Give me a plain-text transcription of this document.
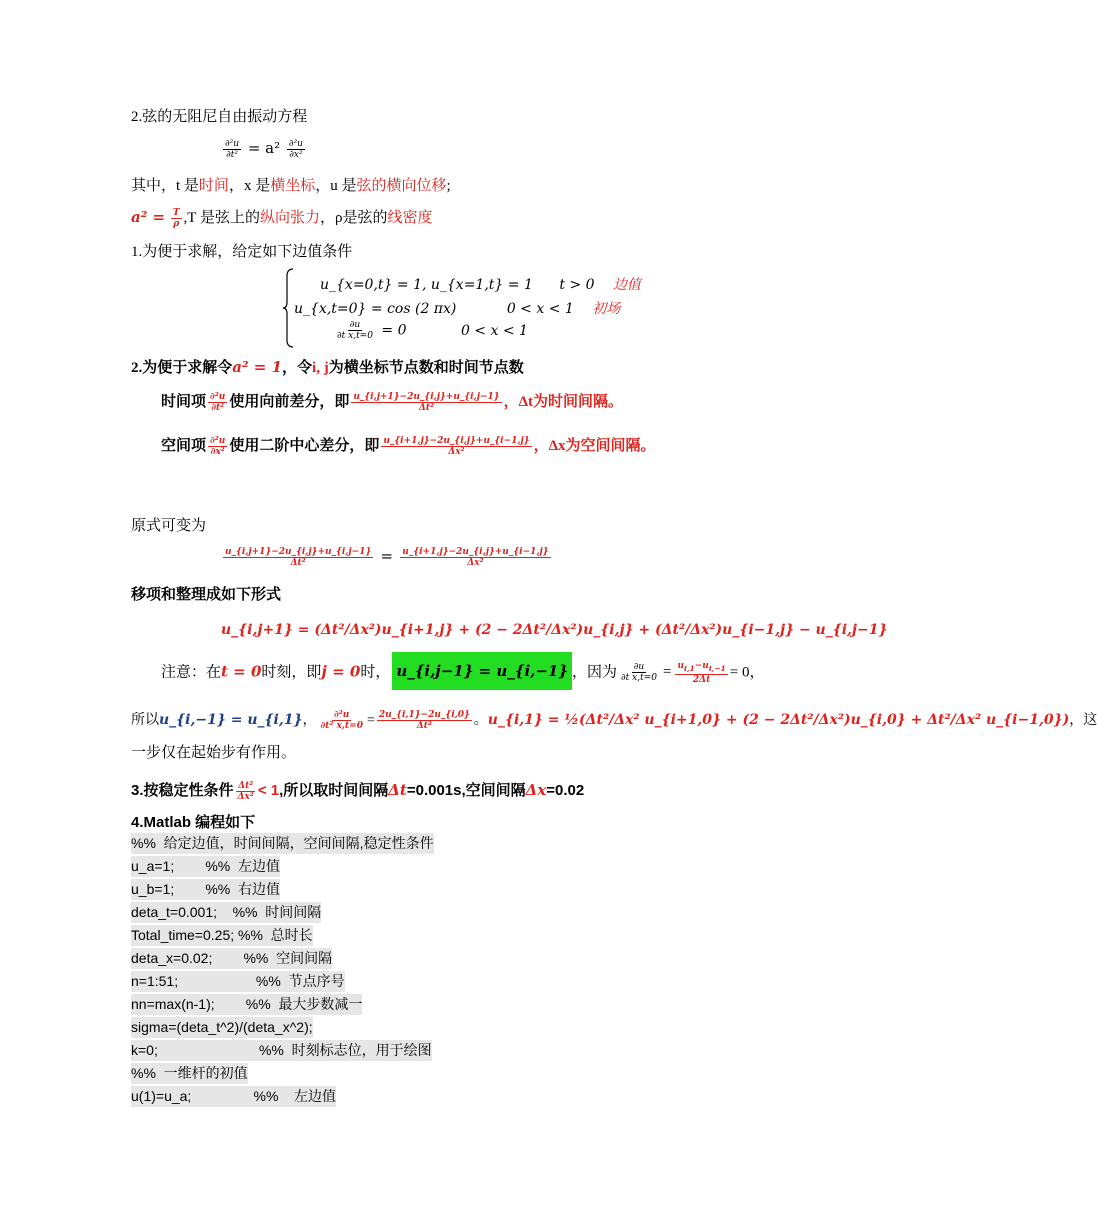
2.弦的无阻尼自由振动方程
$\frac{\text{∂²u}}{\text{∂t²}} = a^2 \frac{\text{∂²u}}{\text{∂x²}}$
其中，t 是时间，x 是横坐标，u 是弦的横向位移;
$a^2 = \frac{T}{\rho} ,T$ 是弦上的纵向张力，ρ是弦的线密度
1.为便于求解，给定如下边值条件
u_{x=0,t} = 1, u_{x=1,t} = 1 t > 0 边值
u_{x,t=0} = cos (2 πx)	0 < x < 1 初场
$\frac{\partial u}{\text{∂t x,t=0}} = 0$	0 < x < 1
2.为便于求解令a² = 1，令i, j为横坐标节点数和时间节点数
时间项 $\frac{\text{∂²u}}{\text{∂t²}}$ 使用向前差分，即 $\frac{u\_\{i,j+1\}-2u\_\{i,j\}+u\_\{i,j-1\}}{\text{Δt²}}$ ，Δt为时间间隔。
空间项 $\frac{\text{∂²u}}{\text{∂x²}}$ 使用二阶中心差分，即 $\frac{u\_\{i+1,j\}-2u\_\{i,j\}+u\_\{i-1,j\}}{\text{Δx²}}$ ，Δx为空间间隔。
原式可变为
$\frac{u\_\{i,j+1\}-2u\_\{i,j\}+u\_\{i,j-1\}}{\text{Δt²}} = \frac{u\_\{i+1,j\}-2u\_\{i,j\}+u\_\{i-1,j\}}{\text{Δx²}}$
移项和整理成如下形式
u_{i,j+1} = (Δt²/Δx²)u_{i+1,j} + (2 − 2Δt²/Δx²)u_{i,j} + (Δt²/Δx²)u_{i−1,j} − u_{i,j−1}
注意：在t = 0时刻，即j = 0时， u_{i,j−1} = u_{i,−1} ，因为 $\frac{\partial u}{\text{∂t x,t=0}} = \frac{u_{i,1}-u_{i,-1}}{2\Delta t} = 0$，
所以u_{i,−1} = u_{i,1}， $\frac{\text{∂²u}}{\text{∂t² x,t=0}} = \frac{2u\_\{i,1\}-2u\_\{i,0\}}{\text{Δt²}}$ 。u_{i,1} = ½(Δt²/Δx² u_{i+1,0} + (2 − 2Δt²/Δx²)u_{i,0} + Δt²/Δx² u_{i−1,0})，这
一步仅在起始步有作用。
3.按稳定性条件 $\frac{\text{Δt²}}{\text{Δx²}} < 1$,所以取时间间隔Δt=0.001s,空间间隔Δx=0.02
4.Matlab 编程如下
%%  给定边值，时间间隔，空间间隔,稳定性条件
u_a=1;        %%  左边值
u_b=1;        %%  右边值
deta_t=0.001;    %%  时间间隔
Total_time=0.25; %%  总时长
deta_x=0.02;        %%  空间间隔
n=1:51;                    %%  节点序号
nn=max(n-1);        %%  最大步数减一
sigma=(deta_t^2)/(deta_x^2);
k=0;                          %%  时刻标志位，用于绘图
%%  一维杆的初值
u(1)=u_a;                %%    左边值
